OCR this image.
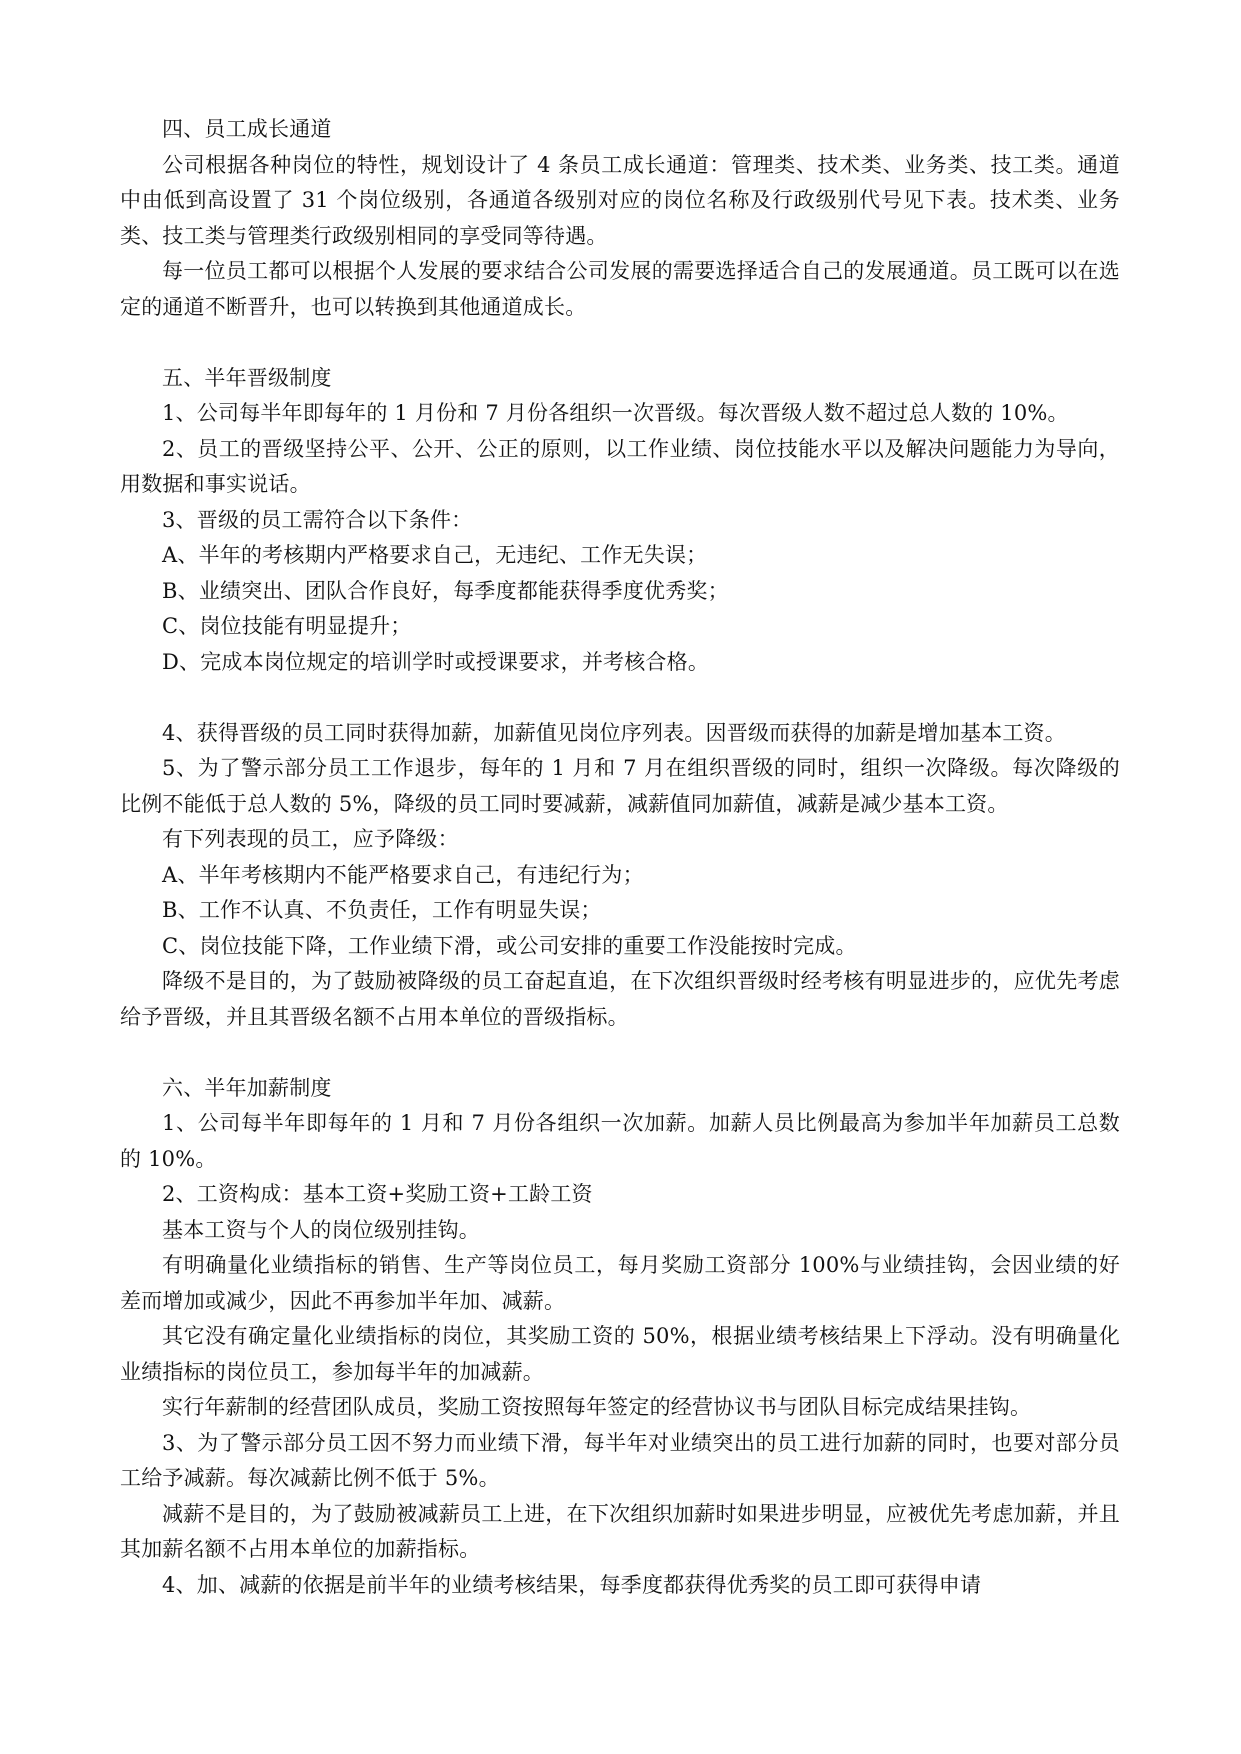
四、员工成长通道

公司根据各种岗位的特性，规划设计了 4 条员工成长通道：管理类、技术类、业务类、技工类。通道中由低到高设置了 31 个岗位级别，各通道各级别对应的岗位名称及行政级别代号见下表。技术类、业务类、技工类与管理类行政级别相同的享受同等待遇。

每一位员工都可以根据个人发展的要求结合公司发展的需要选择适合自己的发展通道。员工既可以在选定的通道不断晋升，也可以转换到其他通道成长。

五、半年晋级制度

1、公司每半年即每年的 1 月份和 7 月份各组织一次晋级。每次晋级人数不超过总人数的 10%。

2、员工的晋级坚持公平、公开、公正的原则，以工作业绩、岗位技能水平以及解决问题能力为导向，用数据和事实说话。

3、晋级的员工需符合以下条件：

A、半年的考核期内严格要求自己，无违纪、工作无失误；

B、业绩突出、团队合作良好，每季度都能获得季度优秀奖；

C、岗位技能有明显提升；

D、完成本岗位规定的培训学时或授课要求，并考核合格。

4、获得晋级的员工同时获得加薪，加薪值见岗位序列表。因晋级而获得的加薪是增加基本工资。

5、为了警示部分员工工作退步，每年的 1 月和 7 月在组织晋级的同时，组织一次降级。每次降级的比例不能低于总人数的 5%，降级的员工同时要减薪，减薪值同加薪值，减薪是减少基本工资。

有下列表现的员工，应予降级：

A、半年考核期内不能严格要求自己，有违纪行为；

B、工作不认真、不负责任，工作有明显失误；

C、岗位技能下降，工作业绩下滑，或公司安排的重要工作没能按时完成。

降级不是目的，为了鼓励被降级的员工奋起直追，在下次组织晋级时经考核有明显进步的，应优先考虑给予晋级，并且其晋级名额不占用本单位的晋级指标。

六、半年加薪制度

1、公司每半年即每年的 1 月和 7 月份各组织一次加薪。加薪人员比例最高为参加半年加薪员工总数的 10%。

2、工资构成：基本工资+奖励工资+工龄工资

基本工资与个人的岗位级别挂钩。

有明确量化业绩指标的销售、生产等岗位员工，每月奖励工资部分 100%与业绩挂钩，会因业绩的好差而增加或减少，因此不再参加半年加、减薪。

其它没有确定量化业绩指标的岗位，其奖励工资的 50%，根据业绩考核结果上下浮动。没有明确量化业绩指标的岗位员工，参加每半年的加减薪。

实行年薪制的经营团队成员，奖励工资按照每年签定的经营协议书与团队目标完成结果挂钩。

3、为了警示部分员工因不努力而业绩下滑，每半年对业绩突出的员工进行加薪的同时，也要对部分员工给予减薪。每次减薪比例不低于 5%。

减薪不是目的，为了鼓励被减薪员工上进，在下次组织加薪时如果进步明显，应被优先考虑加薪，并且其加薪名额不占用本单位的加薪指标。

4、加、减薪的依据是前半年的业绩考核结果，每季度都获得优秀奖的员工即可获得申请
